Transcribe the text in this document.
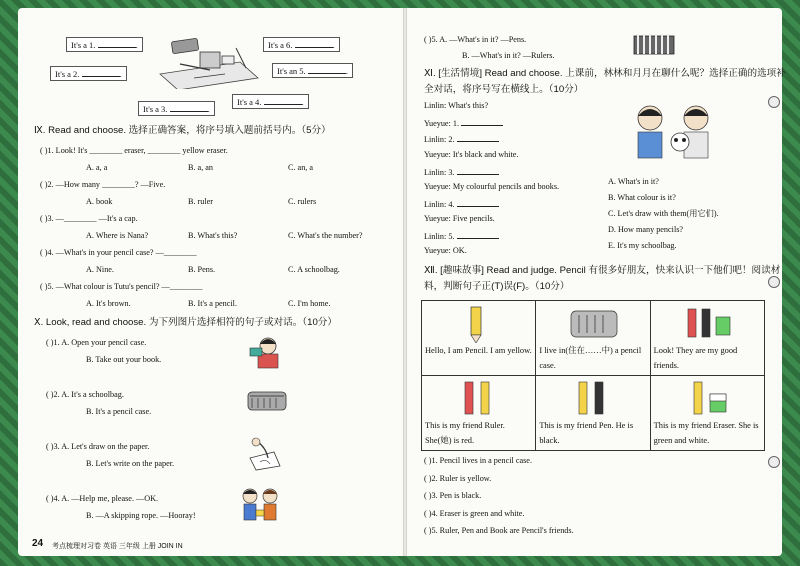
It's a 1.	.
It's a 2.	.
It's a 3.	.
It's a 4.	.
It's an 5.	.
It's a 6.	.
Ⅸ. Read and choose. 选择正确答案，将序号填入题前括号内。（5分）
( )1. Look! It's ________ eraser, ________ yellow eraser.
A. a, a	B. a, an	C. an, a
( )2. —How many ________? —Five.
A. book	B. ruler	C. rulers
( )3. —________ —It's a cap.
A. Where is Nana?	B. What's this?	C. What's the number?
( )4. —What's in your pencil case? —________
A. Nine.	B. Pens.	C. A schoolbag.
( )5. —What colour is Tutu's pencil? —________
A. It's brown.	B. It's a pencil.	C. I'm home.
Ⅹ. Look, read and choose. 为下列图片选择相符的句子或对话。（10分）
( )1. A. Open your pencil case.
B. Take out your book.
( )2. A. It's a schoolbag.
B. It's a pencil case.
( )3. A. Let's draw on the paper.
B. Let's write on the paper.
( )4. A. —Help me, please. —OK.
B. —A skipping rope. —Hooray!
24 考点梳理对习卷 英语 三年级 上册 JOIN IN
( )5. A. —What's in it? —Pens.
B. —What's in it? —Rulers.
Ⅺ. [生活情境] Read and choose. 上课前，林林和月月在聊什么呢？选择正确的选项补
全对话，将序号写在横线上。（10分）
Linlin: What's this?
Yueyue: 1.
Linlin: 2.
Yueyue: It's black and white.
Linlin: 3.
Yueyue: My colourful pencils and books.
Linlin: 4.
Yueyue: Five pencils.
Linlin: 5.
Yueyue: OK.
A. What's in it?
B. What colour is it?
C. Let's draw with them(用它们).
D. How many pencils?
E. It's my schoolbag.
Ⅻ. [趣味故事] Read and judge. Pencil 有很多好朋友，快来认识一下他们吧！阅读材
料，判断句子正(T)误(F)。（10分）
Hello, I am Pencil. I am yellow.	I live in(住在……中) a pencil case.	Look! They are my good friends.

This is my friend Ruler. She(她) is red.	This is my friend Pen. He is black.	This is my friend Eraser. She is green and white.
( )1. Pencil lives in a pencil case.
( )2. Ruler is yellow.
( )3. Pen is black.
( )4. Eraser is green and white.
( )5. Ruler, Pen and Book are Pencil's friends.
